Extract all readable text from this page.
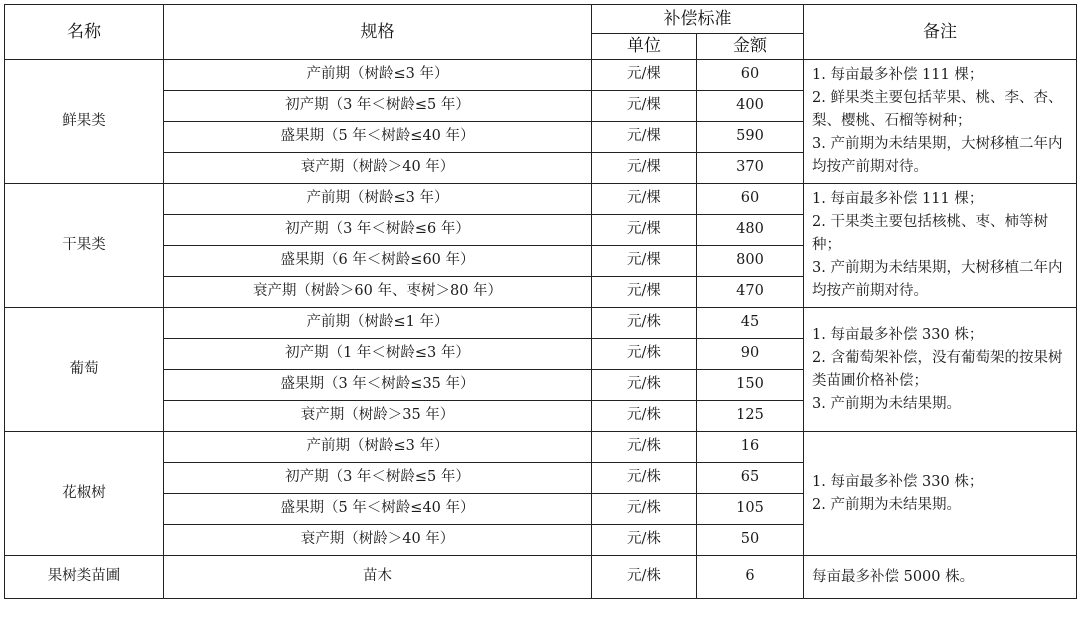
名称	规格	补偿标准		备注
		单位	金额	
鲜果类	产前期（树龄≤3 年）	元/棵	60	1. 每亩最多补偿 111 棵；
2. 鲜果类主要包括苹果、桃、李、杏、梨、樱桃、石榴等树种；
3. 产前期为未结果期，大树移植二年内均按产前期对待。

	初产期（3 年＜树龄≤5 年）	元/棵	400	
	盛果期（5 年＜树龄≤40 年）	元/棵	590	
	衰产期（树龄＞40 年）	元/棵	370	
干果类	产前期（树龄≤3 年）	元/棵	60	1. 每亩最多补偿 111 棵；
2. 干果类主要包括核桃、枣、柿等树种；
3. 产前期为未结果期，大树移植二年内均按产前期对待。

	初产期（3 年＜树龄≤6 年）	元/棵	480	
	盛果期（6 年＜树龄≤60 年）	元/棵	800	
	衰产期（树龄＞60 年、枣树＞80 年）	元/棵	470	
葡萄	产前期（树龄≤1 年）	元/株	45	1. 每亩最多补偿 330 株；
2. 含葡萄架补偿，没有葡萄架的按果树类苗圃价格补偿；
3. 产前期为未结果期。

	初产期（1 年＜树龄≤3 年）	元/株	90	
	盛果期（3 年＜树龄≤35 年）	元/株	150	
	衰产期（树龄＞35 年）	元/株	125	
花椒树	产前期（树龄≤3 年）	元/株	16	1. 每亩最多补偿 330 株；
2. 产前期为未结果期。

	初产期（3 年＜树龄≤5 年）	元/株	65	
	盛果期（5 年＜树龄≤40 年）	元/株	105	
	衰产期（树龄＞40 年）	元/株	50	
果树类苗圃	苗木	元/株	6	每亩最多补偿 5000 株。
